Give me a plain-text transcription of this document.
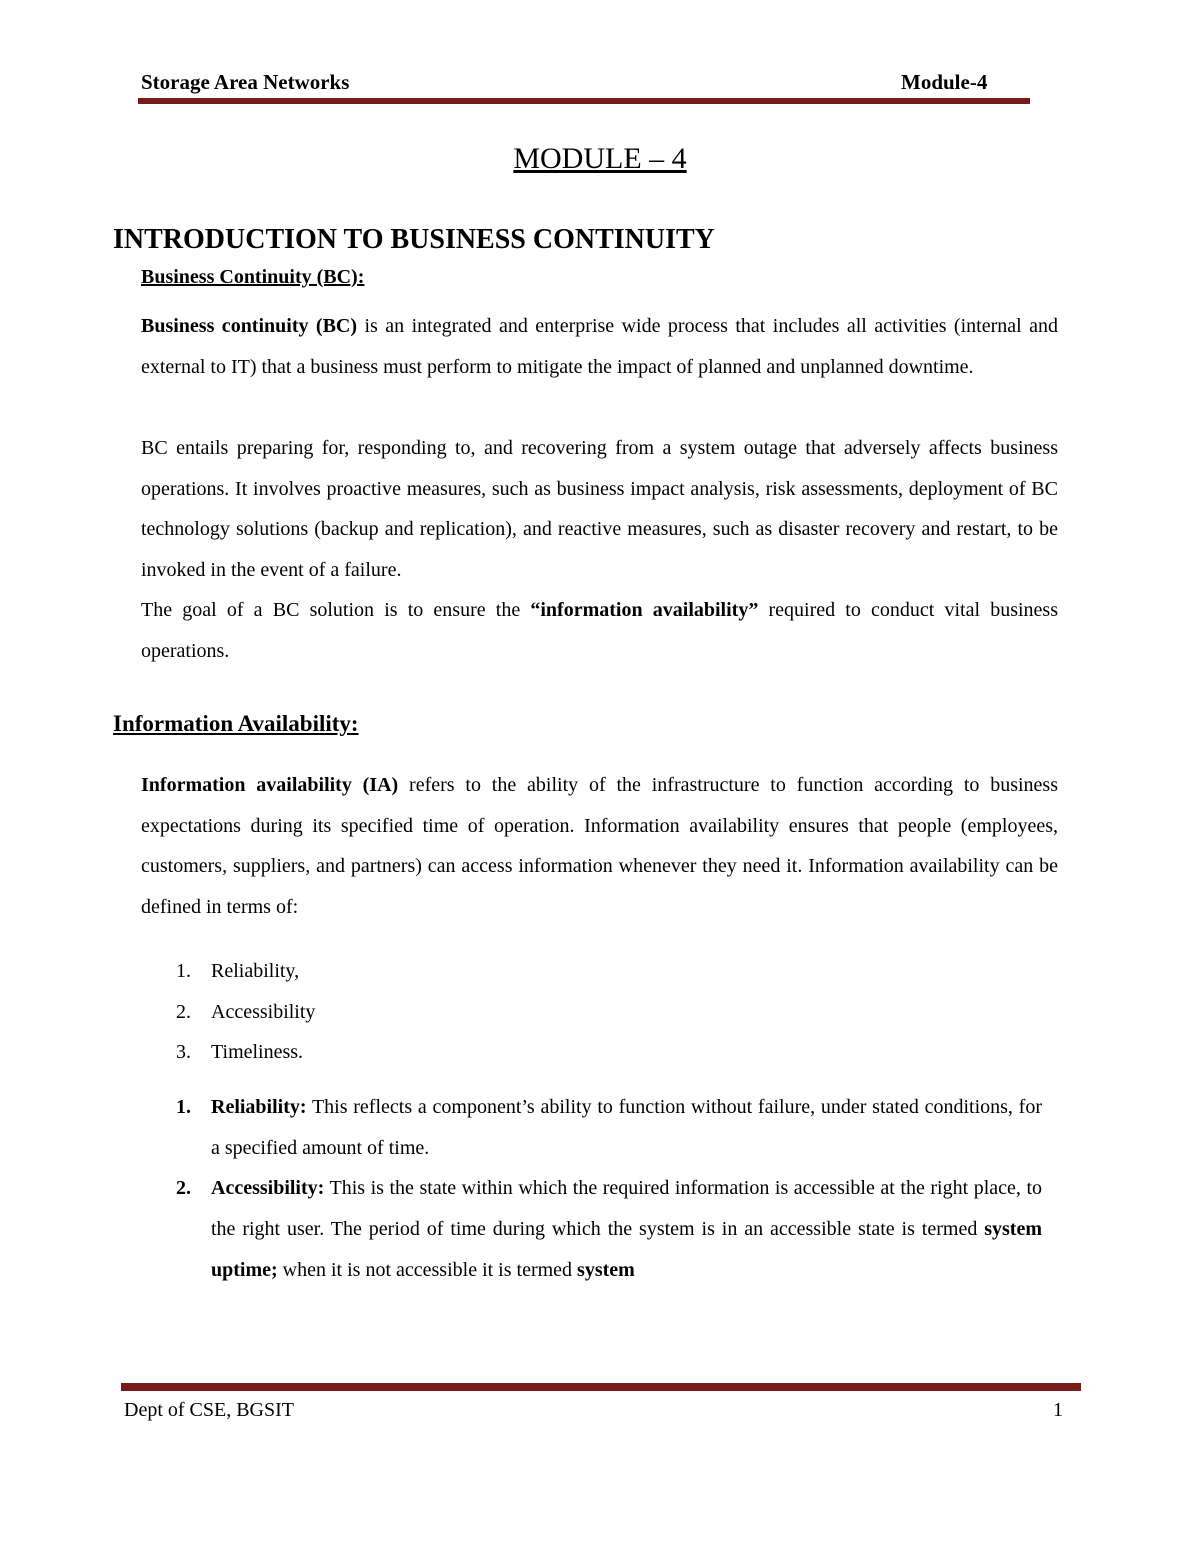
Storage Area Networks	Module-4
MODULE – 4
INTRODUCTION TO BUSINESS CONTINUITY
Business Continuity (BC):

Business continuity (BC) is an integrated and enterprise wide process that includes all activities (internal and external to IT) that a business must perform to mitigate the impact of planned and unplanned downtime.

BC entails preparing for, responding to, and recovering from a system outage that adversely affects business operations. It involves proactive measures, such as business impact analysis, risk assessments, deployment of BC technology solutions (backup and replication), and reactive measures, such as disaster recovery and restart, to be invoked in the event of a failure.

The goal of a BC solution is to ensure the “information availability” required to conduct vital business operations.

Information Availability:

Information availability (IA) refers to the ability of the infrastructure to function according to business expectations during its specified time of operation. Information availability ensures that people (employees, customers, suppliers, and partners) can access information whenever they need it. Information availability can be defined in terms of:

1. Reliability,
2. Accessibility
3. Timeliness.
1. Reliability: This reflects a component’s ability to function without failure, under stated conditions, for a specified amount of time.
2. Accessibility: This is the state within which the required information is accessible at the right place, to the right user. The period of time during which the system is in an accessible state is termed system uptime; when it is not accessible it is termed system
Dept of CSE, BGSIT	1
